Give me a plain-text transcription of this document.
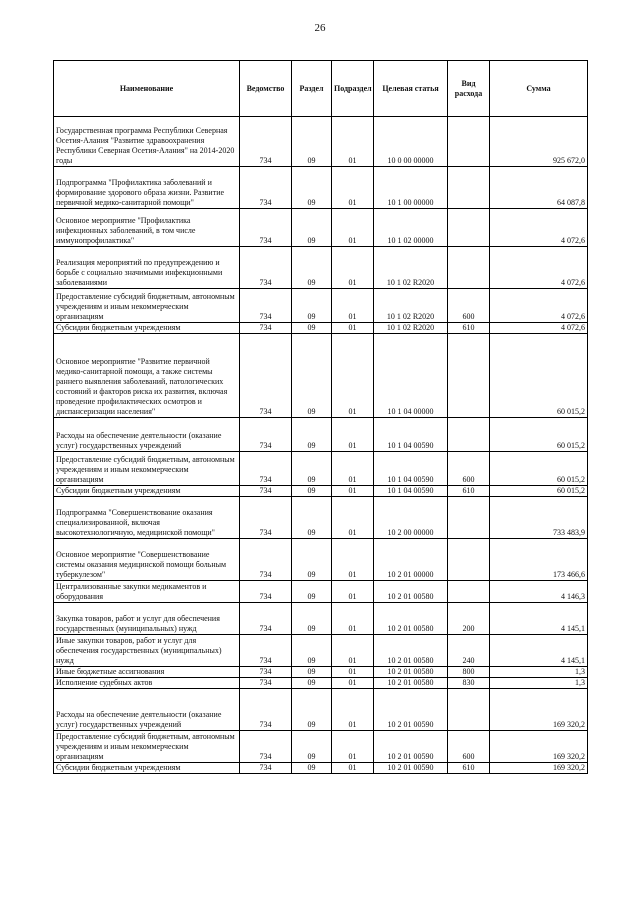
26
Наименование	Ведомство	Раздел	Подраздел	Целевая статья	Вид расхода	Сумма
Государственная программа Республики Северная Осетия-Алания "Развитие здравоохранения Республики Северная Осетия-Алания" на 2014-2020 годы	734	09	01	10 0 00 00000		925 672,0
Подпрограмма "Профилактика заболеваний и формирование здорового образа жизни. Развитие первичной медико-санитарной помощи"	734	09	01	10 1 00 00000		64 087,8
Основное мероприятие "Профилактика инфекционных заболеваний, в том числе иммунопрофилактика"	734	09	01	10 1 02 00000		4 072,6
Реализация мероприятий по предупреждению и борьбе с социально значимыми инфекционными заболеваниями	734	09	01	10 1 02 R2020		4 072,6
Предоставление субсидий бюджетным, автономным учреждениям и иным некоммерческим организациям	734	09	01	10 1 02 R2020	600	4 072,6
Субсидии бюджетным учреждениям	734	09	01	10 1 02 R2020	610	4 072,6
Основное мероприятие "Развитие первичной медико-санитарной помощи, а также системы раннего выявления заболеваний, патологических состояний и факторов риска их развития, включая проведение профилактических осмотров и диспансеризации населения"	734	09	01	10 1 04 00000		60 015,2
Расходы на обеспечение деятельности (оказание услуг) государственных учреждений	734	09	01	10 1 04 00590		60 015,2
Предоставление субсидий бюджетным, автономным учреждениям и иным некоммерческим организациям	734	09	01	10 1 04 00590	600	60 015,2
Субсидии бюджетным учреждениям	734	09	01	10 1 04 00590	610	60 015,2
Подпрограмма "Совершенствование оказания специализированной, включая высокотехнологичную, медицинской помощи"	734	09	01	10 2 00 00000		733 483,9
Основное мероприятие "Совершенствование системы оказания медицинской помощи больным туберкулезом"	734	09	01	10 2 01 00000		173 466,6
Централизованные закупки медикаментов и оборудования	734	09	01	10 2 01 00580		4 146,3
Закупка товаров, работ и услуг для обеспечения государственных (муниципальных) нужд	734	09	01	10 2 01 00580	200	4 145,1
Иные закупки товаров, работ и услуг для обеспечения государственных (муниципальных) нужд	734	09	01	10 2 01 00580	240	4 145,1
Иные бюджетные ассигнования	734	09	01	10 2 01 00580	800	1,3
Исполнение судебных актов	734	09	01	10 2 01 00580	830	1,3
Расходы на обеспечение деятельности (оказание услуг) государственных учреждений	734	09	01	10 2 01 00590		169 320,2
Предоставление субсидий бюджетным, автономным учреждениям и иным некоммерческим организациям	734	09	01	10 2 01 00590	600	169 320,2
Субсидии бюджетным учреждениям	734	09	01	10 2 01 00590	610	169 320,2
